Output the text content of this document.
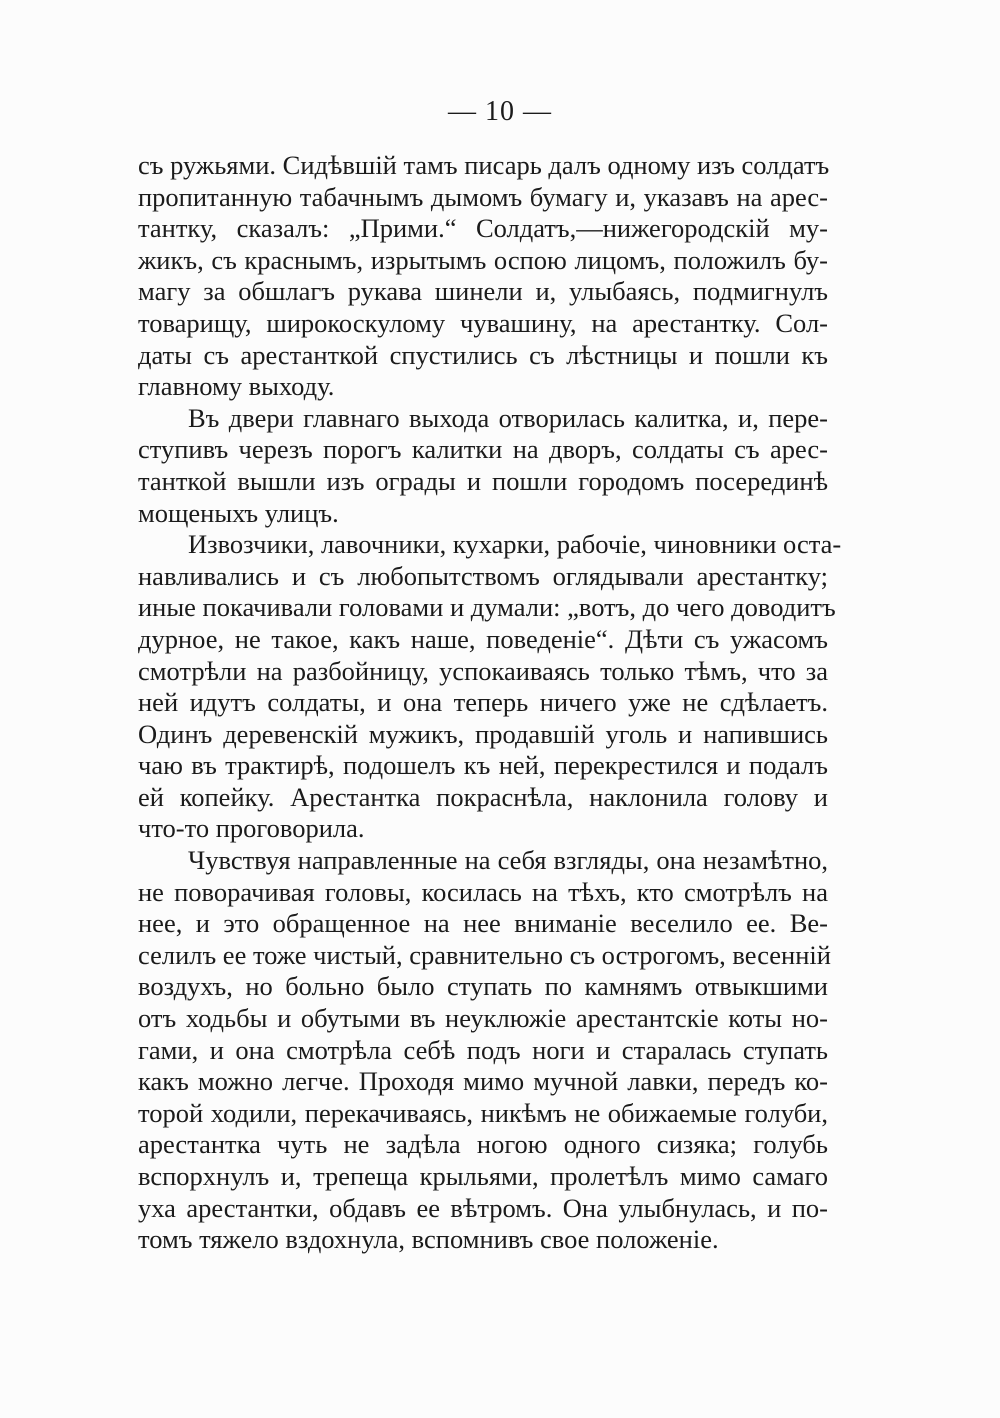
— 10 —
съ ружьями. Сидѣвшій тамъ писарь далъ одному изъ солдатъ
пропитанную табачнымъ дымомъ бумагу и, указавъ на арес-
тантку, сказалъ: „Прими.“ Солдатъ,—нижегородскій му-
жикъ, съ краснымъ, изрытымъ оспою лицомъ, положилъ бу-
магу за обшлагъ рукава шинели и, улыбаясь, подмигнулъ
товарищу, широкоскулому чувашину, на арестантку. Сол-
даты съ арестанткой спустились съ лѣстницы и пошли къ
главному выходу.
Въ двери главнаго выхода отворилась калитка, и, пере-
ступивъ черезъ порогъ калитки на дворъ, солдаты съ арес-
танткой вышли изъ ограды и пошли городомъ посерединѣ
мощеныхъ улицъ.
Извозчики, лавочники, кухарки, рабочіе, чиновники оста-
навливались и съ любопытствомъ оглядывали арестантку;
иные покачивали головами и думали: „вотъ, до чего доводитъ
дурное, не такое, какъ наше, поведеніе“. Дѣти съ ужасомъ
смотрѣли на разбойницу, успокаиваясь только тѣмъ, что за
ней идутъ солдаты, и она теперь ничего уже не сдѣлаетъ.
Одинъ деревенскій мужикъ, продавшій уголь и напившись
чаю въ трактирѣ, подошелъ къ ней, перекрестился и подалъ
ей копейку. Арестантка покраснѣла, наклонила голову и
что-то проговорила.
Чувствуя направленные на себя взгляды, она незамѣтно,
не поворачивая головы, косилась на тѣхъ, кто смотрѣлъ на
нее, и это обращенное на нее вниманіе веселило ее. Ве-
селилъ ее тоже чистый, сравнительно съ острогомъ, весенній
воздухъ, но больно было ступать по камнямъ отвыкшими
отъ ходьбы и обутыми въ неуклюжіе арестантскіе коты но-
гами, и она смотрѣла себѣ подъ ноги и старалась ступать
какъ можно легче. Проходя мимо мучной лавки, передъ ко-
торой ходили, перекачиваясь, никѣмъ не обижаемые голуби,
арестантка чуть не задѣла ногою одного сизяка; голубь
вспорхнулъ и, трепеща крыльями, пролетѣлъ мимо самаго
уха арестантки, обдавъ ее вѣтромъ. Она улыбнулась, и по-
томъ тяжело вздохнула, вспомнивъ свое положеніе.
